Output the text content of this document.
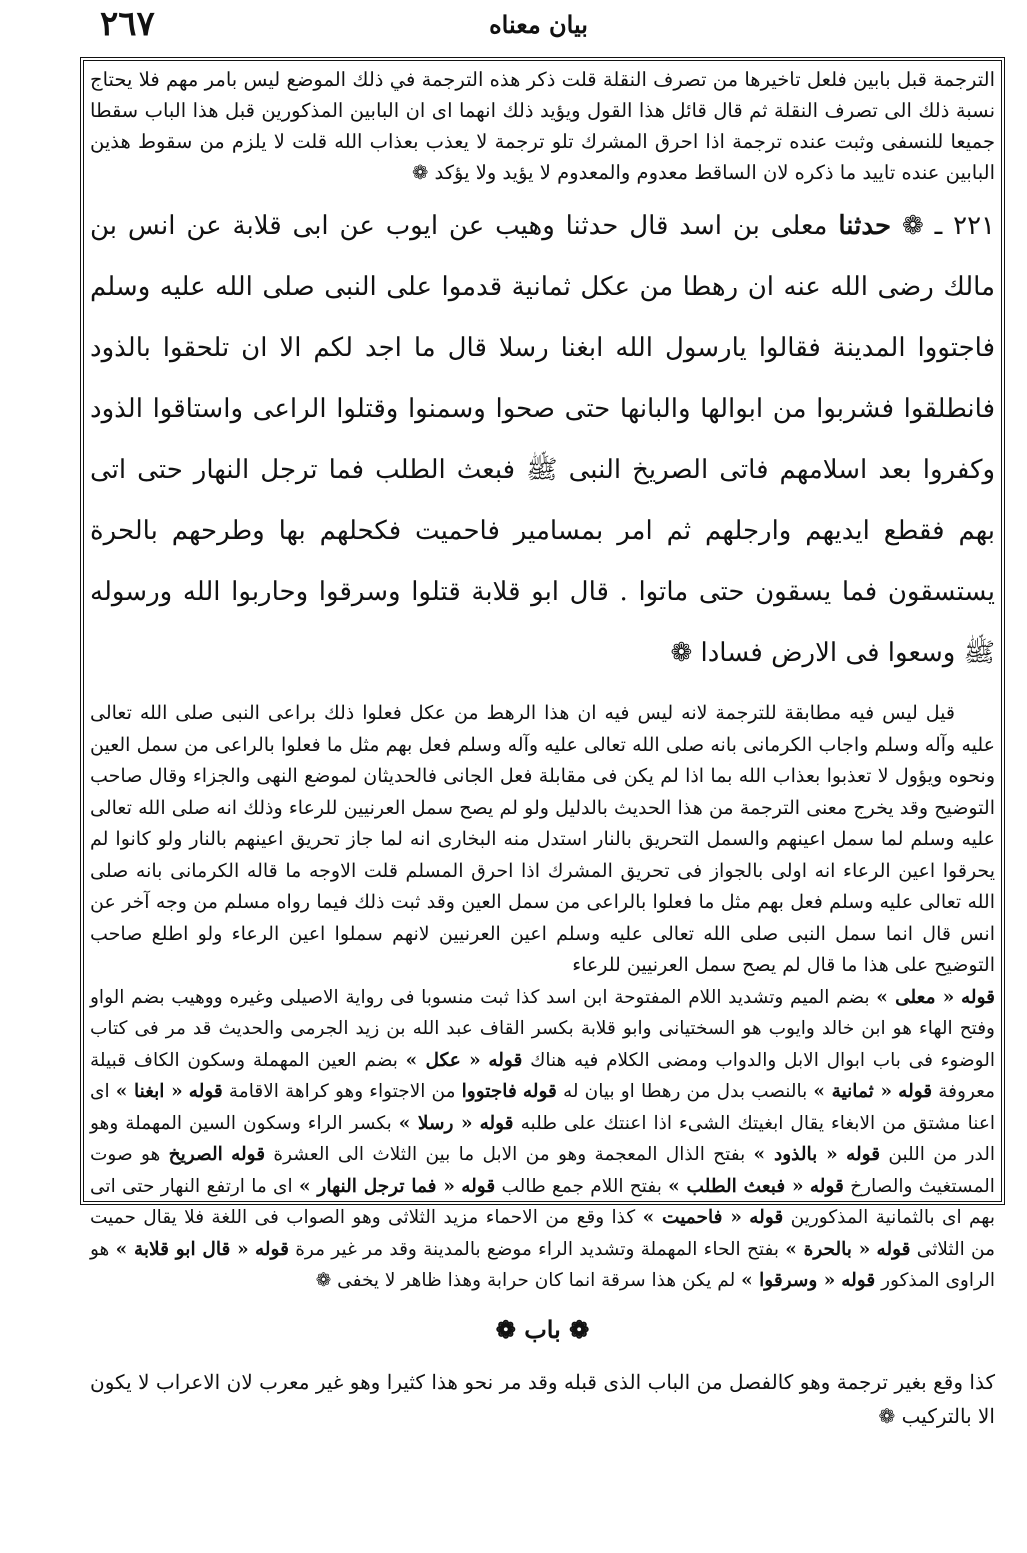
٢٦٧	بيان معناه

الترجمة قبل بابين فلعل تاخيرها من تصرف النقلة قلت ذكر هذه الترجمة في ذلك الموضع ليس بامر مهم فلا يحتاج نسبة ذلك الى تصرف النقلة ثم قال قائل هذا القول ويؤيد ذلك انهما اى ان البابين المذكورين قبل هذا الباب سقطا جميعا للنسفى وثبت عنده ترجمة اذا احرق المشرك تلو ترجمة لا يعذب بعذاب الله قلت لا يلزم من سقوط هذين البابين عنده تاييد ما ذكره لان الساقط معدوم والمعدوم لا يؤيد ولا يؤكد ❁

٢٢١ ـ ❁ حدثنا معلى بن اسد قال حدثنا وهيب عن ايوب عن ابى قلابة عن انس بن مالك رضى الله عنه ان رهطا من عكل ثمانية قدموا على النبى صلى الله عليه وسلم فاجتووا المدينة فقالوا يارسول الله ابغنا رسلا قال ما اجد لكم الا ان تلحقوا بالذود فانطلقوا فشربوا من ابوالها والبانها حتى صحوا وسمنوا وقتلوا الراعى واستاقوا الذود وكفروا بعد اسلامهم فاتى الصريخ النبى ﷺ فبعث الطلب فما ترجل النهار حتى اتى بهم فقطع ايديهم وارجلهم ثم امر بمسامير فاحميت فكحلهم بها وطرحهم بالحرة يستسقون فما يسقون حتى ماتوا . قال ابو قلابة قتلوا وسرقوا وحاربوا الله ورسوله ﷺ وسعوا فى الارض فسادا ❁

قيل ليس فيه مطابقة للترجمة لانه ليس فيه ان هذا الرهط من عكل فعلوا ذلك براعى النبى صلى الله تعالى عليه وآله وسلم واجاب الكرمانى بانه صلى الله تعالى عليه وآله وسلم فعل بهم مثل ما فعلوا بالراعى من سمل العين ونحوه ويؤول لا تعذبوا بعذاب الله بما اذا لم يكن فى مقابلة فعل الجانى فالحديثان لموضع النهى والجزاء وقال صاحب التوضيح وقد يخرج معنى الترجمة من هذا الحديث بالدليل ولو لم يصح سمل العرنيين للرعاء وذلك انه صلى الله تعالى عليه وسلم لما سمل اعينهم والسمل التحريق بالنار استدل منه البخارى انه لما جاز تحريق اعينهم بالنار ولو كانوا لم يحرقوا اعين الرعاء انه اولى بالجواز فى تحريق المشرك اذا احرق المسلم قلت الاوجه ما قاله الكرمانى بانه صلى الله تعالى عليه وسلم فعل بهم مثل ما فعلوا بالراعى من سمل العين وقد ثبت ذلك فيما رواه مسلم من وجه آخر عن انس قال انما سمل النبى صلى الله تعالى عليه وسلم اعين العرنيين لانهم سملوا اعين الرعاء ولو اطلع صاحب التوضيح على هذا ما قال لم يصح سمل العرنيين للرعاء

قوله « معلى » بضم الميم وتشديد اللام المفتوحة ابن اسد كذا ثبت منسوبا فى رواية الاصيلى وغيره ووهيب بضم الواو وفتح الهاء هو ابن خالد وايوب هو السختيانى وابو قلابة بكسر القاف عبد الله بن زيد الجرمى والحديث قد مر فى كتاب الوضوء فى باب ابوال الابل والدواب ومضى الكلام فيه هناك قوله « عكل » بضم العين المهملة وسكون الكاف قبيلة معروفة قوله « ثمانية » بالنصب بدل من رهطا او بيان له قوله فاجتووا من الاجتواء وهو كراهة الاقامة قوله « ابغنا » اى اعنا مشتق من الابغاء يقال ابغيتك الشىء اذا اعنتك على طلبه قوله « رسلا » بكسر الراء وسكون السين المهملة وهو الدر من اللبن قوله « بالذود » بفتح الذال المعجمة وهو من الابل ما بين الثلاث الى العشرة قوله الصريخ هو صوت المستغيث والصارخ قوله « فبعث الطلب » بفتح اللام جمع طالب قوله « فما ترجل النهار » اى ما ارتفع النهار حتى اتى بهم اى بالثمانية المذكورين قوله « فاحميت » كذا وقع من الاحماء مزيد الثلاثى وهو الصواب فى اللغة فلا يقال حميت من الثلاثى قوله « بالحرة » بفتح الحاء المهملة وتشديد الراء موضع بالمدينة وقد مر غير مرة قوله « قال ابو قلابة » هو الراوى المذكور قوله « وسرقوا » لم يكن هذا سرقة انما كان حرابة وهذا ظاهر لا يخفى ❁

❁ باب ❁
كذا وقع بغير ترجمة وهو كالفصل من الباب الذى قبله وقد مر نحو هذا كثيرا وهو غير معرب لان الاعراب لا يكون الا بالتركيب ❁
